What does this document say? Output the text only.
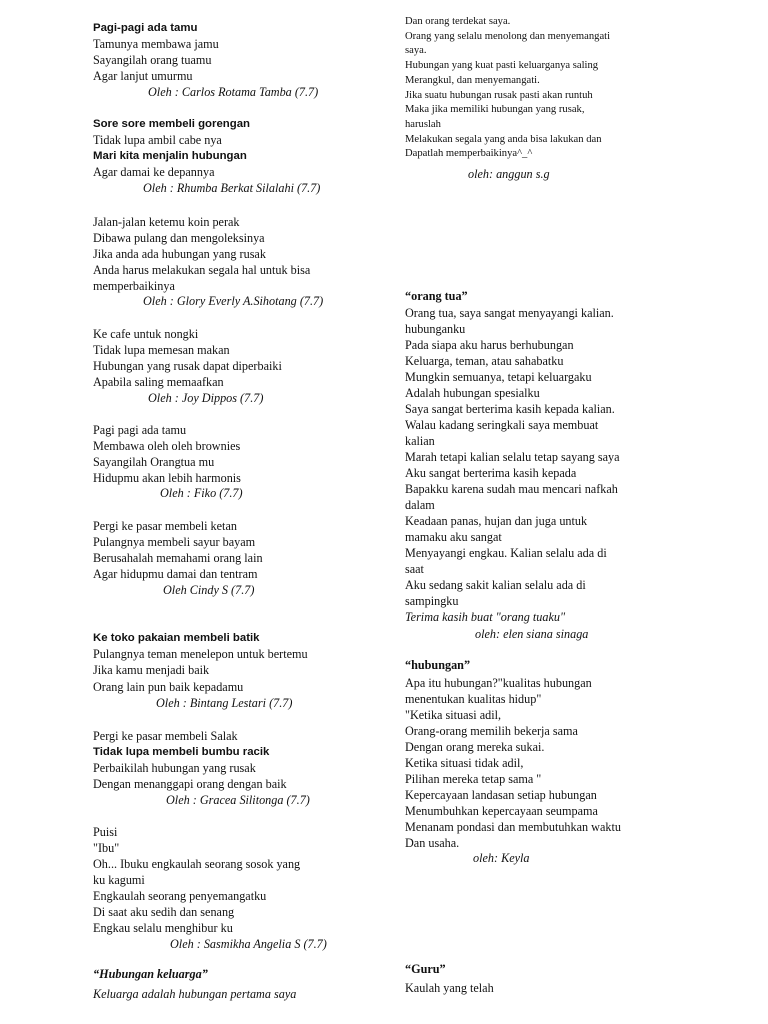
Pagi-pagi ada tamu
Tamunya membawa jamu
Sayangilah orang tuamu
Agar lanjut umurmu
Oleh : Carlos Rotama Tamba (7.7)
Sore sore membeli gorengan
Tidak lupa ambil cabe nya
Mari kita menjalin hubungan
Agar damai ke depannya
Oleh : Rhumba Berkat Silalahi (7.7)
Jalan-jalan ketemu koin perak
Dibawa pulang dan mengoleksinya
Jika anda ada hubungan yang rusak
Anda harus melakukan segala hal untuk bisa
memperbaikinya
Oleh : Glory Everly A.Sihotang (7.7)
Ke cafe untuk nongki
Tidak lupa memesan makan
Hubungan yang rusak dapat diperbaiki
Apabila saling memaafkan
Oleh : Joy Dippos (7.7)
Pagi pagi ada tamu
Membawa oleh oleh brownies
Sayangilah Orangtua mu
Hidupmu akan lebih harmonis
Oleh : Fiko (7.7)
Pergi ke pasar membeli ketan
Pulangnya membeli sayur bayam
Berusahalah memahami orang lain
Agar hidupmu damai dan tentram
Oleh Cindy S (7.7)
Ke toko pakaian membeli batik
Pulangnya teman menelepon untuk bertemu
Jika kamu menjadi baik
Orang lain pun baik kepadamu
Oleh : Bintang Lestari (7.7)
Pergi ke pasar membeli Salak
Tidak lupa membeli bumbu racik
Perbaikilah hubungan yang rusak
Dengan menanggapi orang dengan baik
Oleh : Gracea Silitonga (7.7)
Puisi
"Ibu"
Oh... Ibuku engkaulah seorang sosok yang
ku kagumi
Engkaulah seorang penyemangatku
Di saat aku sedih dan senang
Engkau selalu menghibur ku
Oleh : Sasmikha Angelia S (7.7)
“Hubungan keluarga”
Keluarga adalah hubungan pertama saya
Dan orang terdekat saya.
Orang yang selalu menolong dan menyemangati
saya.
Hubungan yang kuat pasti keluarganya saling
Merangkul, dan menyemangati.
Jika suatu hubungan rusak pasti akan runtuh
Maka jika memiliki hubungan yang rusak,
haruslah
Melakukan segala yang anda bisa lakukan dan
Dapatlah memperbaikinya^_^
oleh: anggun s.g
“orang tua”
Orang tua, saya sangat menyayangi kalian.
hubunganku
Pada siapa aku harus berhubungan
Keluarga, teman, atau sahabatku
Mungkin semuanya, tetapi keluargaku
Adalah hubungan spesialku
Saya sangat berterima kasih kepada kalian.
Walau kadang seringkali saya membuat
kalian
Marah tetapi kalian selalu tetap sayang saya
Aku sangat berterima kasih kepada
Bapakku karena sudah mau mencari nafkah
dalam
Keadaan panas, hujan dan juga untuk
mamaku aku sangat
Menyayangi engkau. Kalian selalu ada di
saat
Aku sedang sakit kalian selalu ada di
sampingku
Terima kasih buat "orang tuaku"
oleh: elen siana sinaga
“hubungan”
Apa itu hubungan?"kualitas hubungan
menentukan kualitas hidup"
"Ketika situasi adil,
Orang-orang memilih bekerja sama
Dengan orang mereka sukai.
Ketika situasi tidak adil,
Pilihan mereka tetap sama "
Kepercayaan landasan setiap hubungan
Menumbuhkan kepercayaan seumpama
Menanam pondasi dan membutuhkan waktu
Dan usaha.
oleh: Keyla
“Guru”
Kaulah yang telah
